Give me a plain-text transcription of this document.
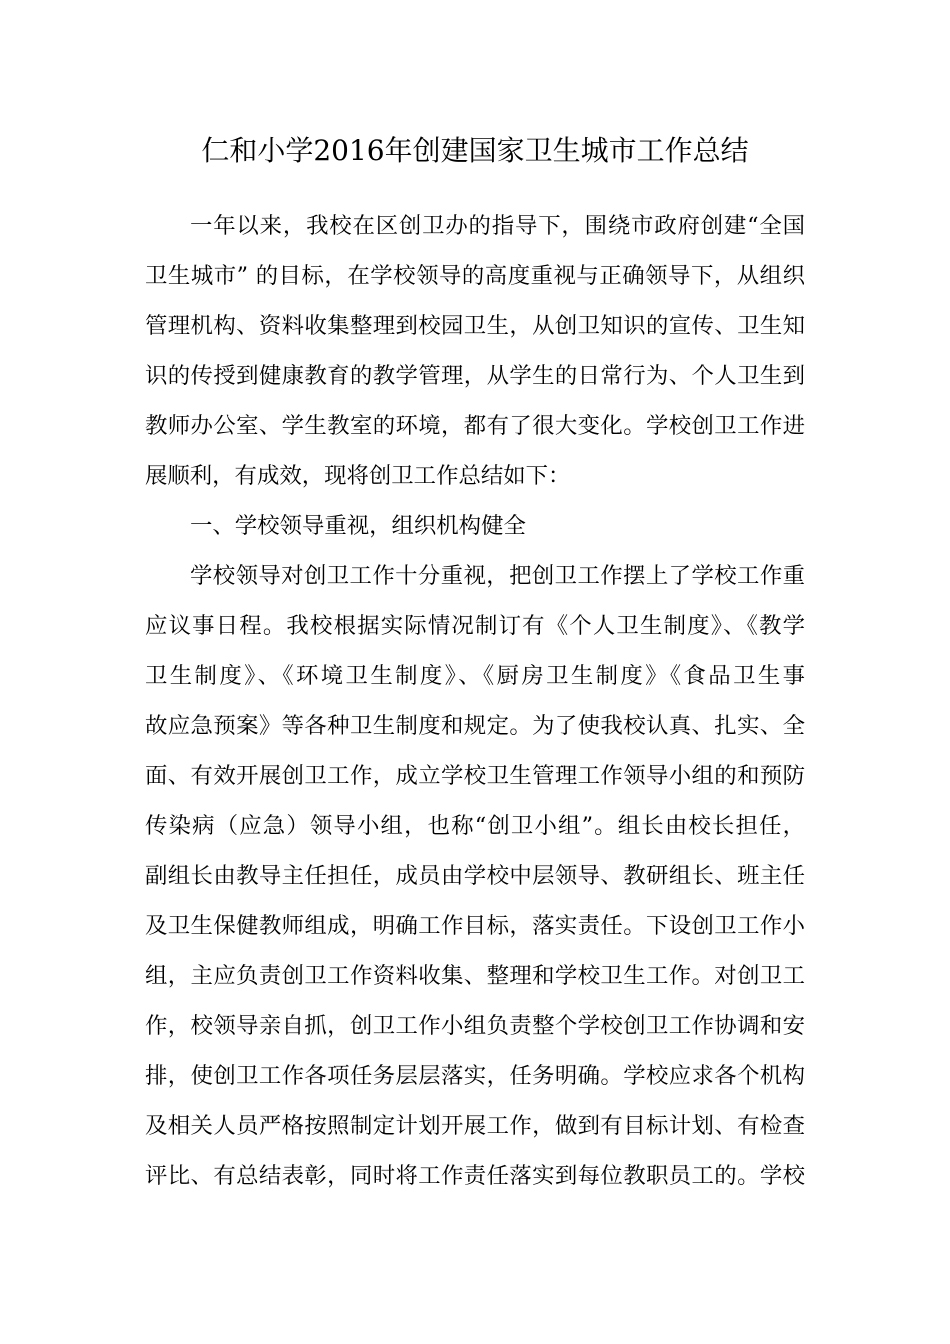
仁和小学2016年创建国家卫生城市工作总结
一年以来，我校在区创卫办的指导下，围绕市政府创建“全国
卫生城市” 的目标，在学校领导的高度重视与正确领导下，从组织
管理机构、资料收集整理到校园卫生，从创卫知识的宣传、卫生知
识的传授到健康教育的教学管理，从学生的日常行为、个人卫生到
教师办公室、学生教室的环境，都有了很大变化。学校创卫工作进
展顺利，有成效，现将创卫工作总结如下：
一、学校领导重视，组织机构健全
学校领导对创卫工作十分重视，把创卫工作摆上了学校工作重
应议事日程。我校根据实际情况制订有《个人卫生制度》、《教学
卫生制度》、《环境卫生制度》、《厨房卫生制度》《食品卫生事
故应急预案》等各种卫生制度和规定。为了使我校认真、扎实、全
面、有效开展创卫工作，成立学校卫生管理工作领导小组的和预防
传染病（应急）领导小组，也称“创卫小组”。组长由校长担任，
副组长由教导主任担任，成员由学校中层领导、教研组长、班主任
及卫生保健教师组成，明确工作目标，落实责任。下设创卫工作小
组，主应负责创卫工作资料收集、整理和学校卫生工作。对创卫工
作，校领导亲自抓，创卫工作小组负责整个学校创卫工作协调和安
排，使创卫工作各项任务层层落实，任务明确。学校应求各个机构
及相关人员严格按照制定计划开展工作，做到有目标计划、有检查
评比、有总结表彰，同时将工作责任落实到每位教职员工的。学校
